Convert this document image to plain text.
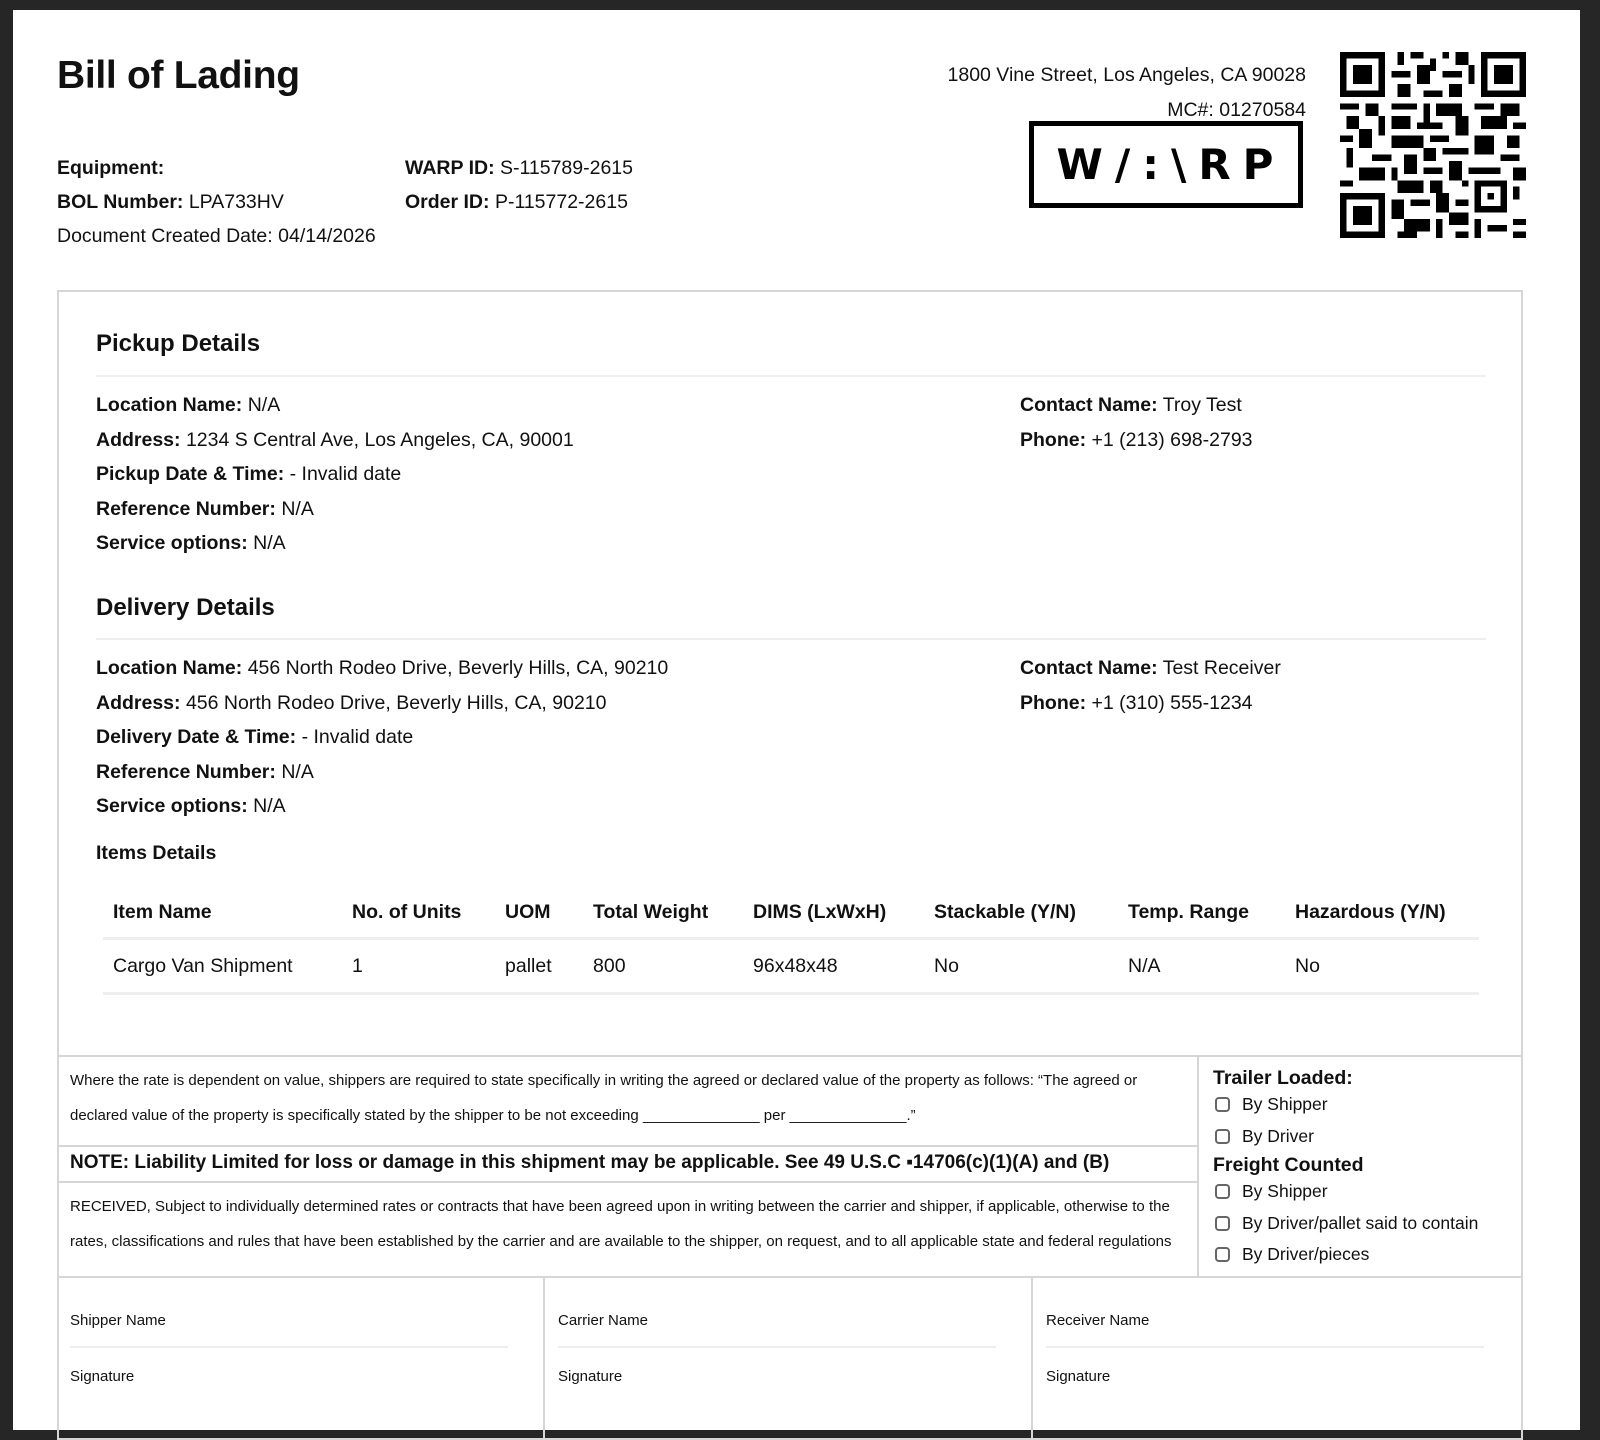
Bill of Lading
Equipment:
BOL Number: LPA733HV
Document Created Date: 04/14/2026
WARP ID: S-115789-2615
Order ID: P-115772-2615
1800 Vine Street, Los Angeles, CA 90028
MC#: 01270584
W/:\RP
Pickup Details
Location Name: N/A
Address: 1234 S Central Ave, Los Angeles, CA, 90001
Pickup Date & Time: - Invalid date
Reference Number: N/A
Service options: N/A
Contact Name: Troy Test
Phone: +1 (213) 698-2793
Delivery Details
Location Name: 456 North Rodeo Drive, Beverly Hills, CA, 90210
Address: 456 North Rodeo Drive, Beverly Hills, CA, 90210
Delivery Date & Time: - Invalid date
Reference Number: N/A
Service options: N/A
Contact Name: Test Receiver
Phone: +1 (310) 555-1234
Items Details
Item Name	No. of Units	UOM	Total Weight	DIMS (LxWxH)	Stackable (Y/N)	Temp. Range	Hazardous (Y/N)
Cargo Van Shipment	1	pallet	800	96x48x48	No	N/A	No
Where the rate is dependent on value, shippers are required to state specifically in writing the agreed or declared value of the property as follows: “The agreed or declared value of the property is specifically stated by the shipper to be not exceeding ______________ per ______________.”
NOTE: Liability Limited for loss or damage in this shipment may be applicable. See 49 U.S.C ▪14706(c)(1)(A) and (B)
RECEIVED, Subject to individually determined rates or contracts that have been agreed upon in writing between the carrier and shipper, if applicable, otherwise to the rates, classifications and rules that have been established by the carrier and are available to the shipper, on request, and to all applicable state and federal regulations
Trailer Loaded:
By Shipper
By Driver
Freight Counted
By Shipper
By Driver/pallet said to contain
By Driver/pieces
Shipper Name
Signature
Carrier Name
Signature
Receiver Name
Signature
